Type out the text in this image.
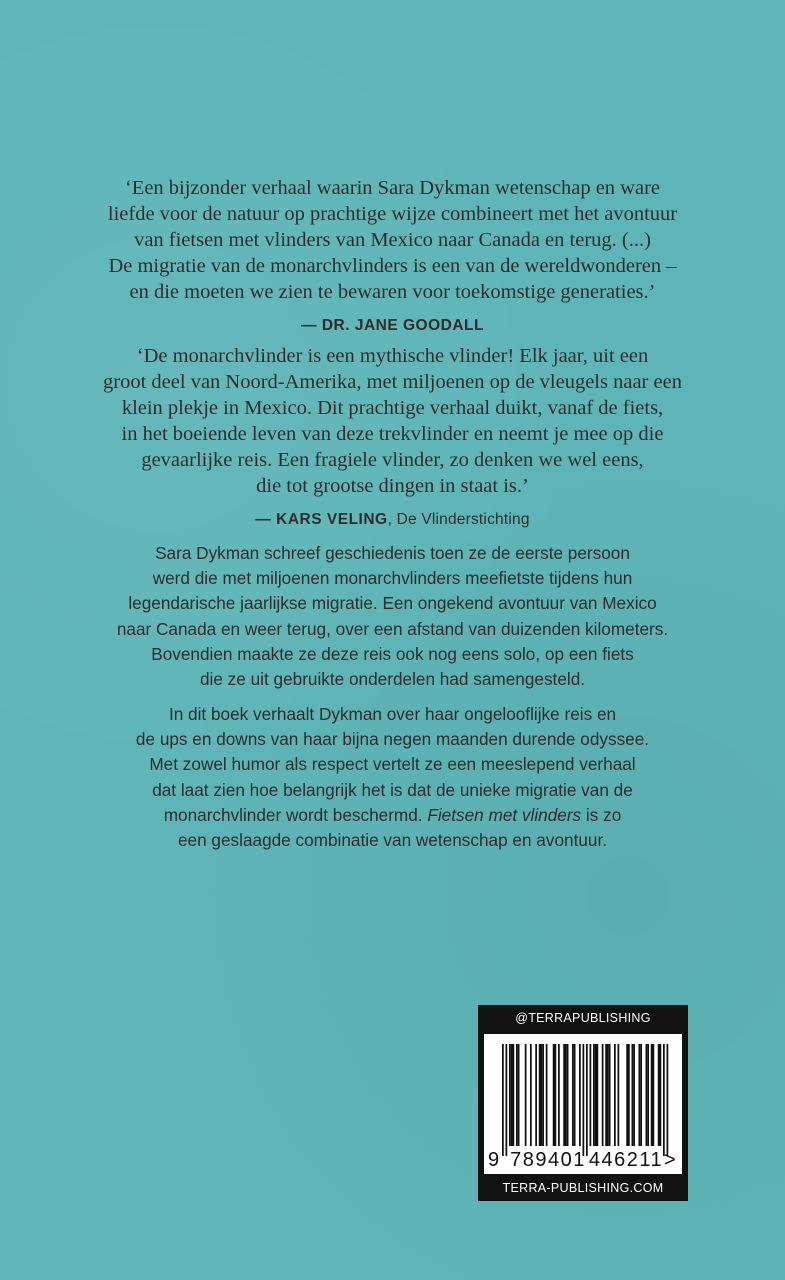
‘Een bijzonder verhaal waarin Sara Dykman wetenschap en ware

liefde voor de natuur op prachtige wijze combineert met het avontuur

van fietsen met vlinders van Mexico naar Canada en terug. (...)

De migratie van de monarchvlinders is een van de wereldwonderen –

en die moeten we zien te bewaren voor toekomstige generaties.’

— DR. JANE GOODALL

‘De monarchvlinder is een mythische vlinder! Elk jaar, uit een

groot deel van Noord-Amerika, met miljoenen op de vleugels naar een

klein plekje in Mexico. Dit prachtige verhaal duikt, vanaf de fiets,

in het boeiende leven van deze trekvlinder en neemt je mee op die

gevaarlijke reis. Een fragiele vlinder, zo denken we wel eens,

die tot grootse dingen in staat is.’

— KARS VELING, De Vlinderstichting

Sara Dykman schreef geschiedenis toen ze de eerste persoon

werd die met miljoenen monarchvlinders meefietste tijdens hun

legendarische jaarlijkse migratie. Een ongekend avontuur van Mexico

naar Canada en weer terug, over een afstand van duizenden kilometers.

Bovendien maakte ze deze reis ook nog eens solo, op een fiets

die ze uit gebruikte onderdelen had samengesteld.

In dit boek verhaalt Dykman over haar ongelooflijke reis en

de ups en downs van haar bijna negen maanden durende odyssee.

Met zowel humor als respect vertelt ze een meeslepend verhaal

dat laat zien hoe belangrijk het is dat de unieke migratie van de

monarchvlinder wordt beschermd. Fietsen met vlinders is zo

een geslaagde combinatie van wetenschap en avontuur.

@TERRAPUBLISHING
9 789401 446211>
TERRA-PUBLISHING.COM
